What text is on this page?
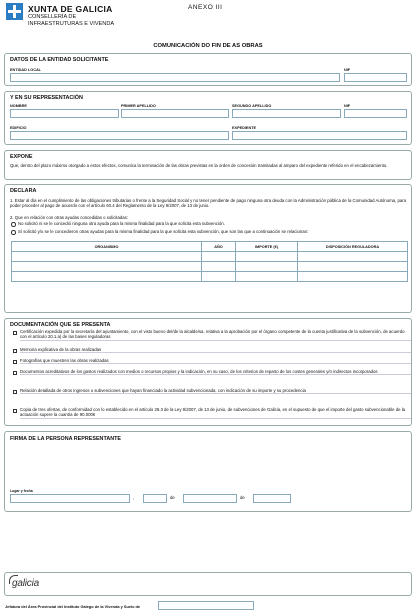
XUNTA DE GALICIA
CONSELLERÍA DE
INFRAESTRUTURAS E VIVENDA
ANEXO III
COMUNICACIÓN DO FIN DE AS OBRAS
DATOS DE LA ENTIDAD SOLICITANTE
ENTIDAD LOCAL	NIF
Y EN SU REPRESENTACIÓN
NOMBRE	PRIMER APELLIDO	SEGUNDO APELLIDO	NIF
EDIFICIO	EXPEDIENTE
EXPONE
Que, dentro del plazo máximo otorgado a estos efectos, comunica la terminación de las obras previstas en la orden de concesión tramitadas al amparo del expediente referido en el encabezamiento.
DECLARA
1. Estar al día en el cumplimiento de las obligaciones tributarias o frente a la Seguridad Social y no tener pendiente de pago ninguna otra deuda con la Administración pública de la Comunidad Autónoma, para poder proceder al pago de acuerdo con el artículo 60.4 del Reglamento de la Ley 9/2007, de 13 de junio.
2. Que en relación con otras ayudas concedidas o solicitadas:
No solicitó ni se le concedió ninguna otra ayuda para la misma finalidad para la que solicita esta subvención.
Sí solicitó y/o se le concedieron otras ayudas para la misma finalidad para la que solicita esta subvención, que son las que a continuación se relacionan:
ORGANISMO	AÑO	IMPORTE (€)	DISPOSICIÓN REGULADORA

DOCUMENTACIÓN QUE SE PRESENTA
Certificación expedida por la secretaría del ayuntamiento, con el visto bueno del/de la alcalde/sa, relativa a la aprobación por el órgano competente de la cuenta justificativa de la subvención, de acuerdo con el artículo 20.1.a) de las bases reguladoras
Memoria explicativa de la obras realizadas
Fotografías que muestren las obras realizadas
Documentos acreditativos de los gastos realizados con medios o recursos propios y la indicación, en su caso, de los criterios de reparto de los costes generales y/o indirectos incorporados
Relación detallada de otros ingresos o subvenciones que hayan financiado la actividad subvencionada, con indicación de su importe y su procedencia
Copia de tres ofertas, de conformidad con lo establecido en el artículo 29.3 de la Ley 9/2007, de 13 de junio, de subvenciones de Galicia, en el supuesto de que el importe del gasto subvencionable de la actuación supere la cuantía de 90.000€
FIRMA DE LA PERSONA REPRESENTANTE
Lugar y fecha
,	de	de
galicia
Jefatura del Área Provincial del Instituto Galego de la Vivenda y Suelo de
